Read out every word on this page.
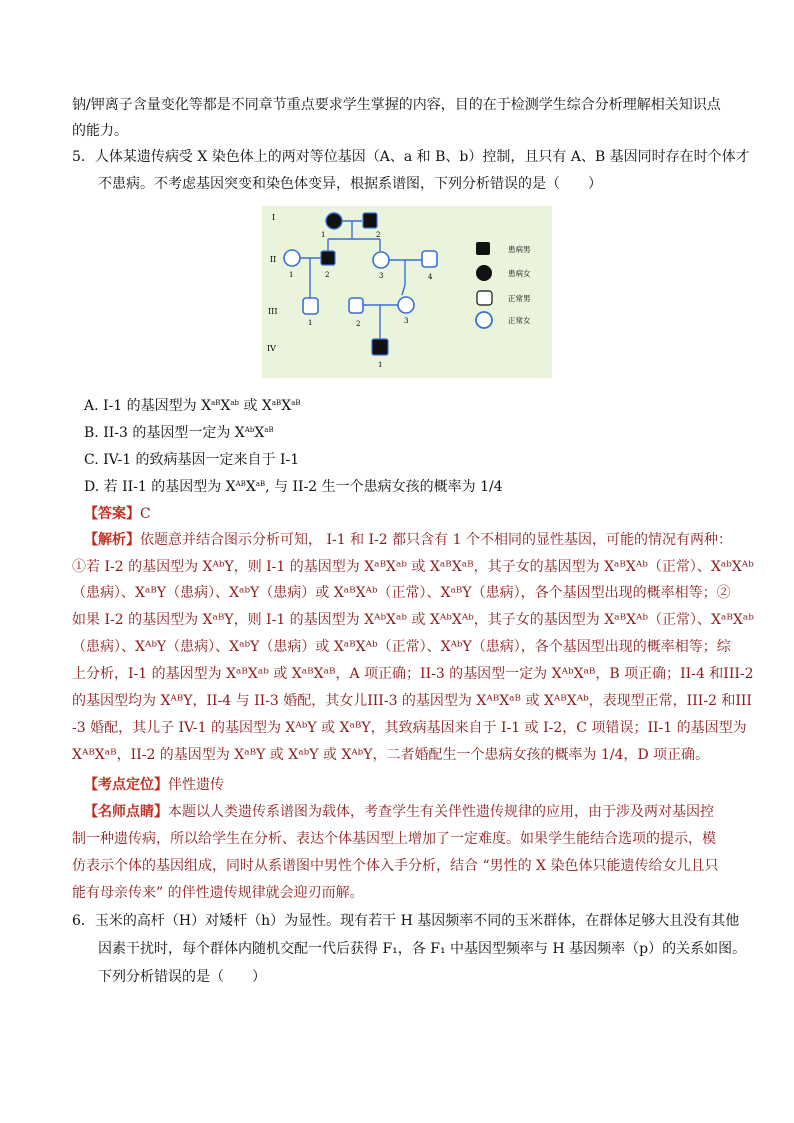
钠/钾离子含量变化等都是不同章节重点要求学生掌握的内容，目的在于检测学生综合分析理解相关知识点
的能力。
5．人体某遗传病受 X 染色体上的两对等位基因（A、a 和 B、b）控制，且只有 A、B 基因同时存在时个体才
不患病。不考虑基因突变和染色体变异，根据系谱图，下列分析错误的是（　　）
I
II
III
IV
1	2
1	2	3	4
1	2	3
1
患病男
患病女
正常男
正常女
A. I-1 的基因型为 $X^{aB}X^{ab}$ 或 $X^{aB}X^{aB}$
B. II-3 的基因型一定为 $X^{Ab}X^{aB}$
C. IV-1 的致病基因一定来自于 I-1
D. 若 II-1 的基因型为 $X^{AB}X^{aB}$, 与 II-2 生一个患病女孩的概率为 1/4
【答案】C
【解析】依题意并结合图示分析可知， I-1 和 I-2 都只含有 1 个不相同的显性基因，可能的情况有两种：
①若 I-2 的基因型为 XᴬᵇY，则 I-1 的基因型为 XᵃᴮXᵃᵇ 或 XᵃᴮXᵃᴮ，其子女的基因型为 XᵃᴮXᴬᵇ（正常）、XᵃᵇXᴬᵇ
（患病）、XᵃᴮY（患病）、XᵃᵇY（患病）或 XᵃᴮXᴬᵇ（正常）、XᵃᴮY（患病），各个基因型出现的概率相等；②
如果 I-2 的基因型为 XᵃᴮY，则 I-1 的基因型为 XᴬᵇXᵃᵇ 或 XᴬᵇXᴬᵇ，其子女的基因型为 XᵃᴮXᴬᵇ（正常）、XᵃᴮXᵃᵇ
（患病）、XᴬᵇY（患病）、XᵃᵇY（患病）或 XᵃᴮXᴬᵇ（正常）、XᴬᵇY（患病），各个基因型出现的概率相等；综
上分析，I-1 的基因型为 XᵃᴮXᵃᵇ 或 XᵃᴮXᵃᴮ，A 项正确；II-3 的基因型一定为 XᴬᵇXᵃᴮ，B 项正确；II-4 和III-2
的基因型均为 XᴬᴮY，II-4 与 II-3 婚配，其女儿III-3 的基因型为 XᴬᴮXᵃᴮ 或 XᴬᴮXᴬᵇ，表现型正常，III-2 和III
-3 婚配，其儿子 IV-1 的基因型为 XᴬᵇY 或 XᵃᴮY，其致病基因来自于 I-1 或 I-2，C 项错误；II-1 的基因型为
XᴬᴮXᵃᴮ，II-2 的基因型为 XᵃᴮY 或 XᵃᵇY 或 XᴬᵇY，二者婚配生一个患病女孩的概率为 1/4，D 项正确。
【考点定位】伴性遗传
【名师点睛】本题以人类遗传系谱图为载体，考查学生有关伴性遗传规律的应用，由于涉及两对基因控
制一种遗传病，所以给学生在分析、表达个体基因型上增加了一定难度。如果学生能结合选项的提示，模
仿表示个体的基因组成，同时从系谱图中男性个体入手分析，结合 “男性的 X 染色体只能遗传给女儿且只
能有母亲传来” 的伴性遗传规律就会迎刃而解。
6．玉米的高杆（H）对矮杆（h）为显性。现有若干 H 基因频率不同的玉米群体，在群体足够大且没有其他
因素干扰时，每个群体内随机交配一代后获得 F₁，各 F₁ 中基因型频率与 H 基因频率（p）的关系如图。
下列分析错误的是（　　）
